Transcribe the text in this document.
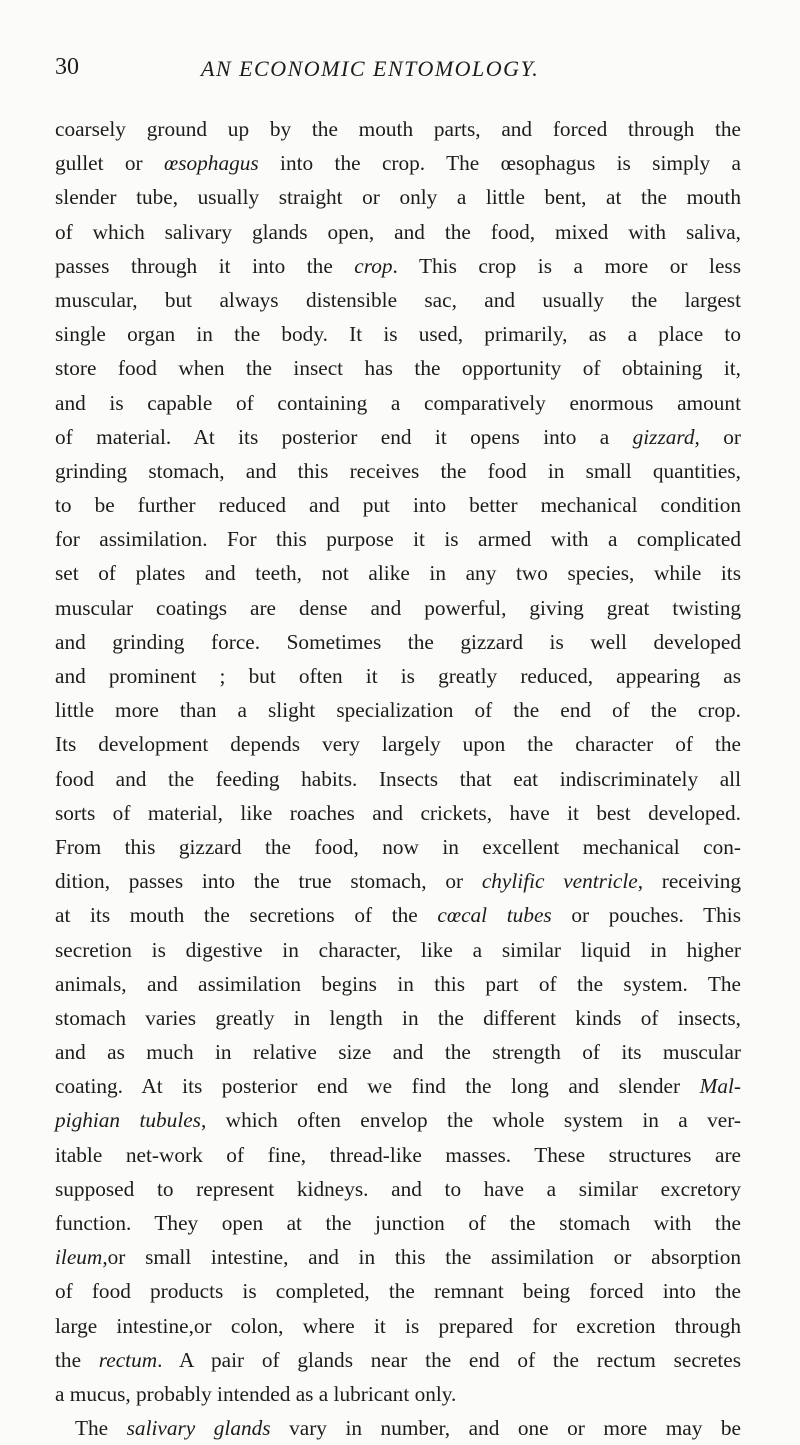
30	AN ECONOMIC ENTOMOLOGY.
coarsely ground up by the mouth parts, and forced through the
gullet or œsophagus into the crop. The œsophagus is simply a
slender tube, usually straight or only a little bent, at the mouth
of which salivary glands open, and the food, mixed with saliva,
passes through it into the crop. This crop is a more or less
muscular, but always distensible sac, and usually the largest
single organ in the body. It is used, primarily, as a place to
store food when the insect has the opportunity of obtaining it,
and is capable of containing a comparatively enormous amount
of material. At its posterior end it opens into a gizzard, or
grinding stomach, and this receives the food in small quantities,
to be further reduced and put into better mechanical condition
for assimilation. For this purpose it is armed with a complicated
set of plates and teeth, not alike in any two species, while its
muscular coatings are dense and powerful, giving great twisting
and grinding force. Sometimes the gizzard is well developed
and prominent ; but often it is greatly reduced, appearing as
little more than a slight specialization of the end of the crop.
Its development depends very largely upon the character of the
food and the feeding habits. Insects that eat indiscriminately all
sorts of material, like roaches and crickets, have it best developed.
From this gizzard the food, now in excellent mechanical con-
dition, passes into the true stomach, or chylific ventricle, receiving
at its mouth the secretions of the cœcal tubes or pouches. This
secretion is digestive in character, like a similar liquid in higher
animals, and assimilation begins in this part of the system. The
stomach varies greatly in length in the different kinds of insects,
and as much in relative size and the strength of its muscular
coating. At its posterior end we find the long and slender Mal-
pighian tubules, which often envelop the whole system in a ver-
itable net-work of fine, thread-like masses. These structures are
supposed to represent kidneys. and to have a similar excretory
function. They open at the junction of the stomach with the
ileum,or small intestine, and in this the assimilation or absorption
of food products is completed, the remnant being forced into the
large intestine,or colon, where it is prepared for excretion through
the rectum. A pair of glands near the end of the rectum secretes
a mucus, probably intended as a lubricant only.
The salivary glands vary in number, and one or more may be
